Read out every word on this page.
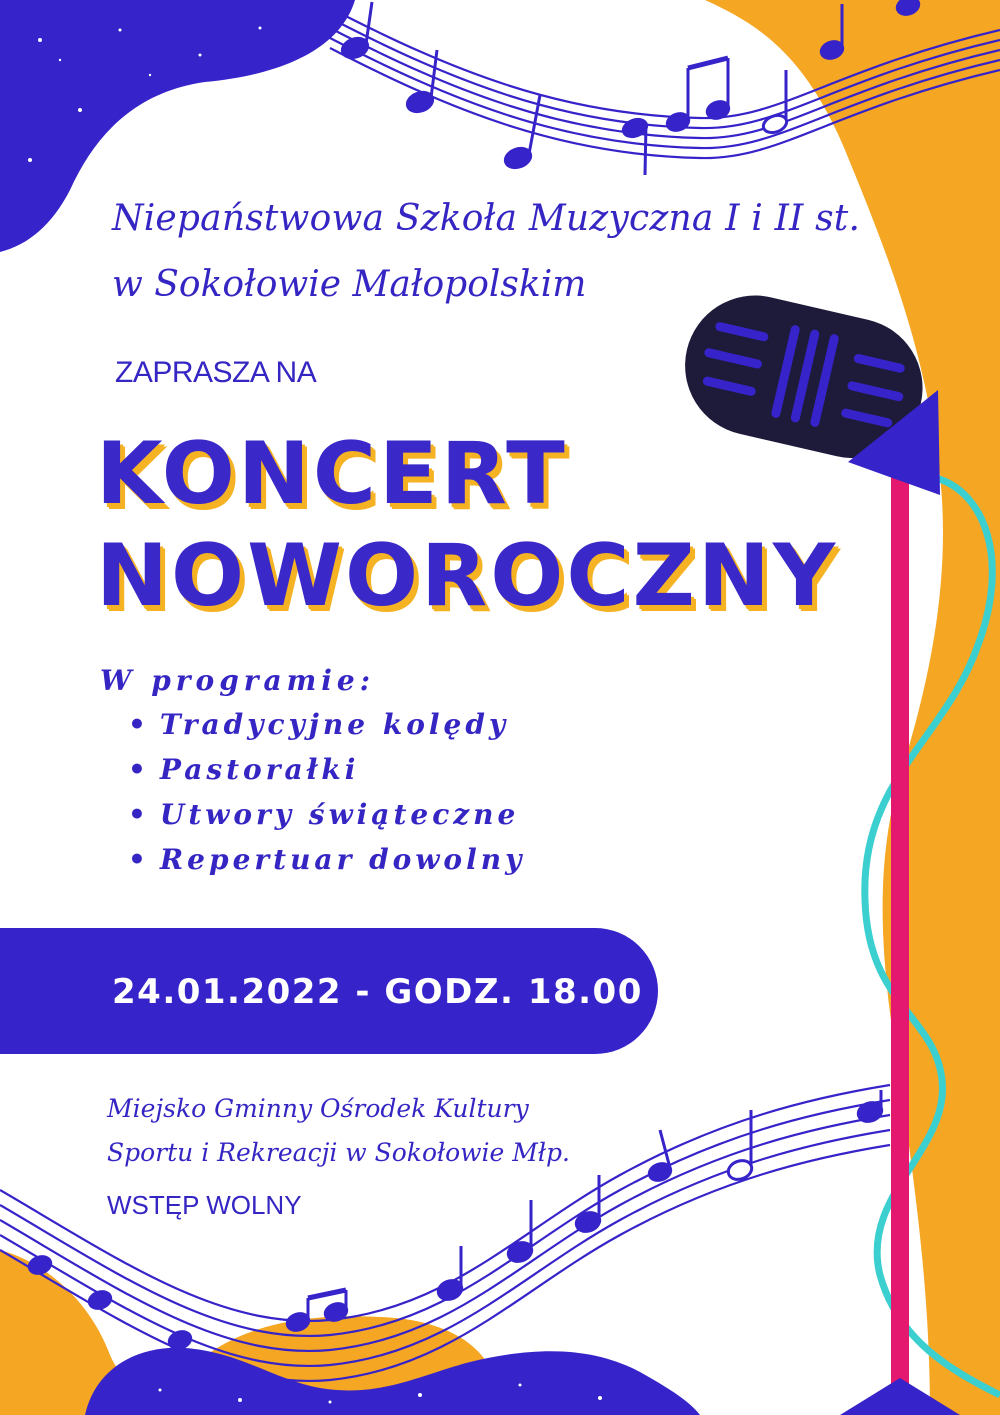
Niepaństwowa Szkoła Muzyczna I i II st.
w Sokołowie Małopolskim
ZAPRASZA NA
KONCERT
NOWOROCZNY
W programie:
• Tradycyjne kolędy
• Pastorałki
• Utwory świąteczne
• Repertuar dowolny
24.01.2022 - GODZ. 18.00
Miejsko Gminny Ośrodek Kultury
Sportu i Rekreacji w Sokołowie Młp.
WSTĘP WOLNY
